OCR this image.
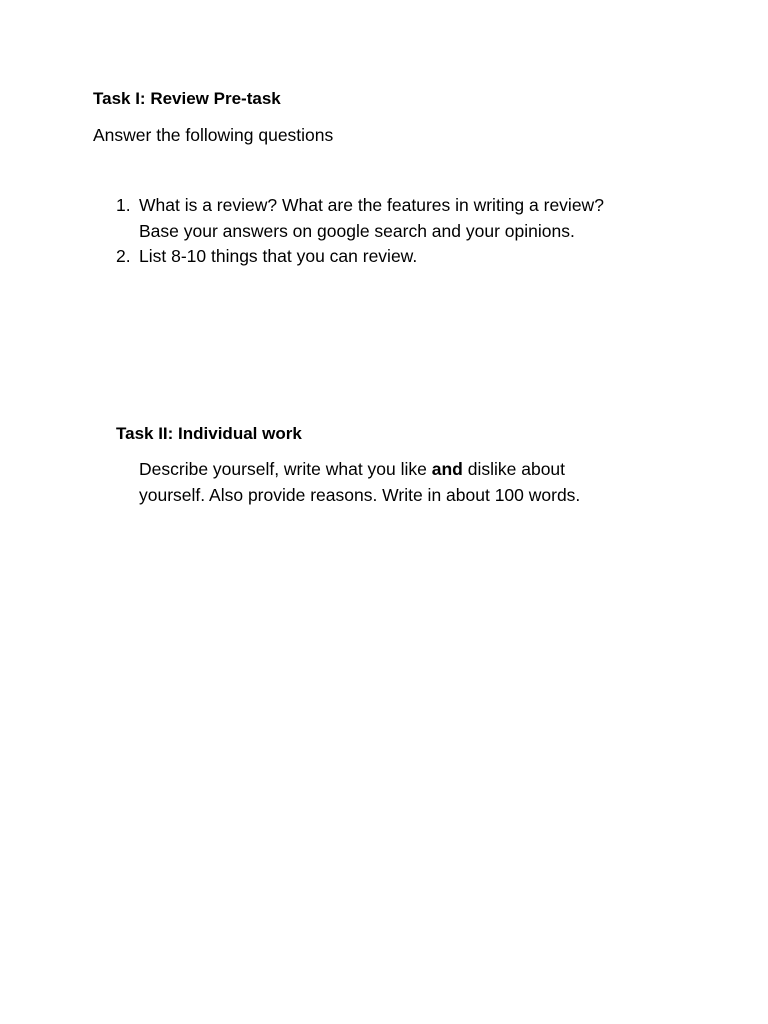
Task I: Review Pre-task
Answer the following questions
1. What is a review? What are the features in writing a review?
Base your answers on google search and your opinions.
2. List 8-10 things that you can review.
Task II: Individual work
Describe yourself, write what you like and dislike about
yourself. Also provide reasons. Write in about 100 words.
